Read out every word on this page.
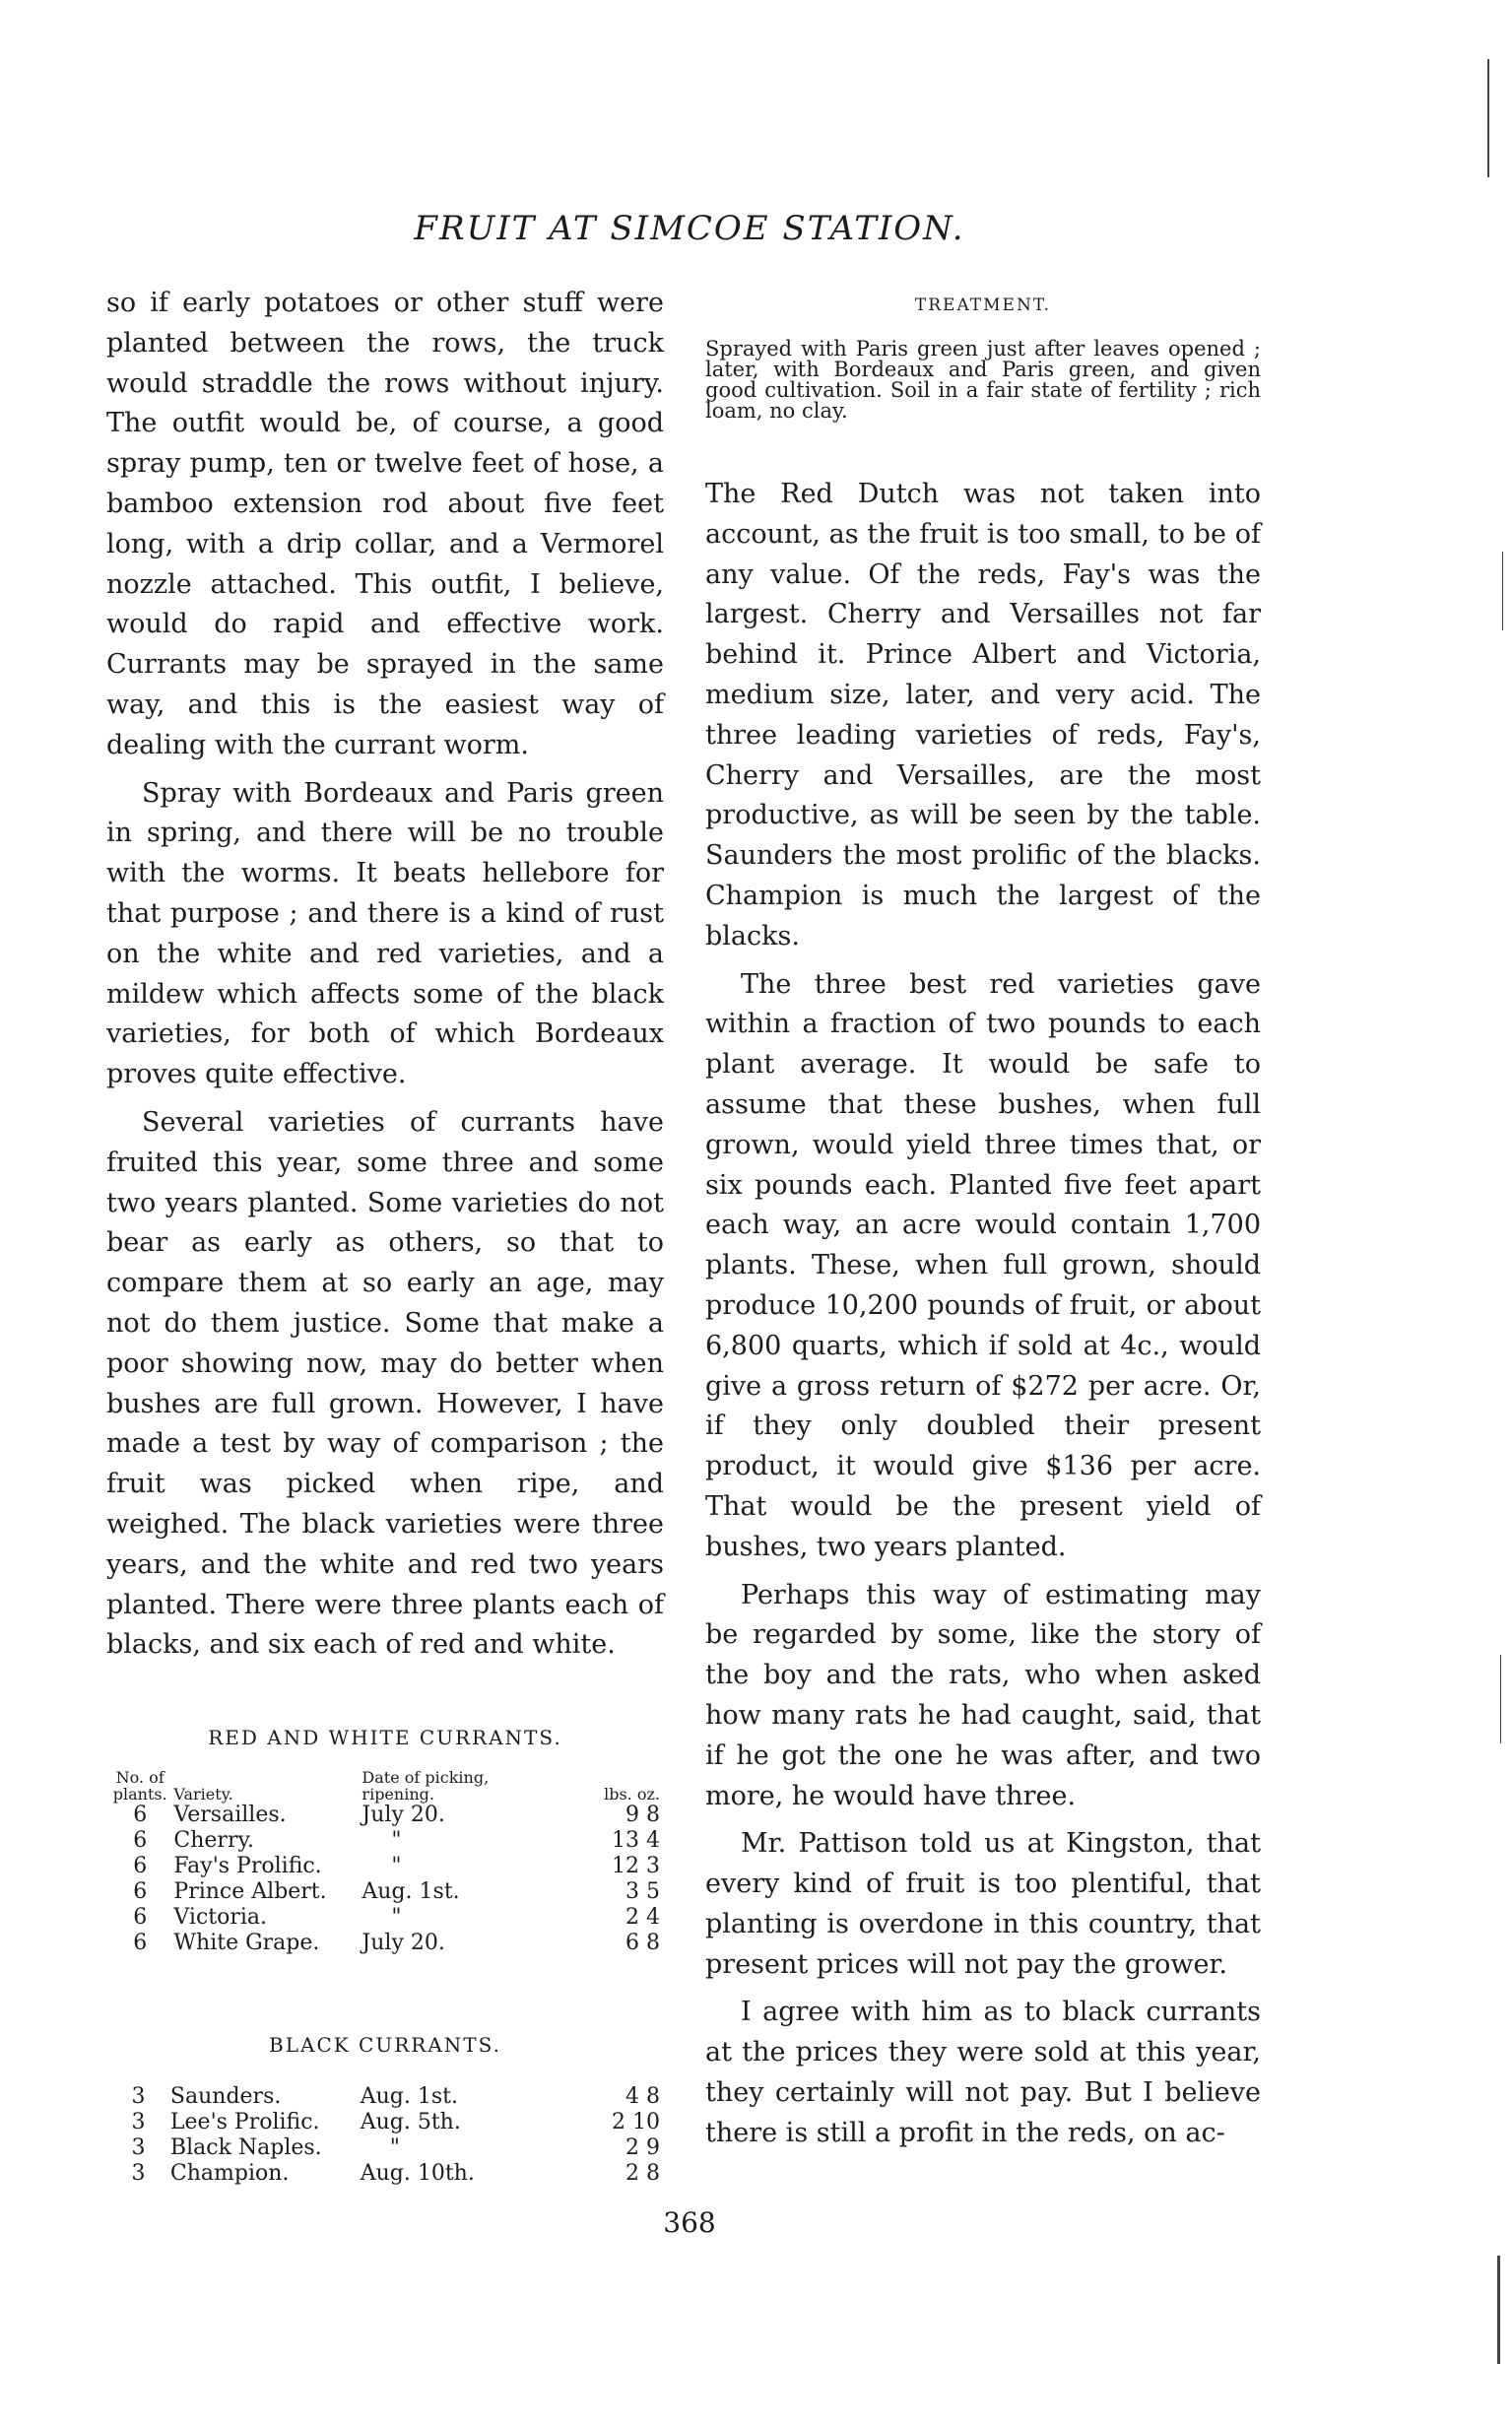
FRUIT AT SIMCOE STATION.

so if early potatoes or other stuff were planted between the rows, the truck would straddle the rows without injury. The outfit would be, of course, a good spray pump, ten or twelve feet of hose, a bamboo extension rod about five feet long, with a drip collar, and a Vermorel nozzle attached. This outfit, I believe, would do rapid and effective work. Currants may be sprayed in the same way, and this is the easiest way of dealing with the currant worm.

Spray with Bordeaux and Paris green in spring, and there will be no trouble with the worms. It beats hellebore for that purpose ; and there is a kind of rust on the white and red varieties, and a mildew which affects some of the black varieties, for both of which Bordeaux proves quite effective.

Several varieties of currants have fruited this year, some three and some two years planted. Some varieties do not bear as early as others, so that to compare them at so early an age, may not do them justice. Some that make a poor showing now, may do better when bushes are full grown. However, I have made a test by way of comparison ; the fruit was picked when ripe, and weighed. The black varieties were three years, and the white and red two years planted. There were three plants each of blacks, and six each of red and white.

RED AND WHITE CURRANTS.
No. of plants.	Variety.	Date of picking, ripening.	lbs. oz.
6	Versailles.	July 20.	9 8
6	Cherry.	"	13 4
6	Fay's Prolific.	"	12 3
6	Prince Albert.	Aug. 1st.	3 5
6	Victoria.	"	2 4
6	White Grape.	July 20.	6 8
BLACK CURRANTS.
3	Saunders.	Aug. 1st.	4 8
3	Lee's Prolific.	Aug. 5th.	2 10
3	Black Naples.	"	2 9
3	Champion.	Aug. 10th.	2 8
TREATMENT.
Sprayed with Paris green just after leaves opened ; later, with Bordeaux and Paris green, and given good cultivation. Soil in a fair state of fertility ; rich loam, no clay.

The Red Dutch was not taken into account, as the fruit is too small, to be of any value. Of the reds, Fay's was the largest. Cherry and Versailles not far behind it. Prince Albert and Victoria, medium size, later, and very acid. The three leading varieties of reds, Fay's, Cherry and Versailles, are the most productive, as will be seen by the table. Saunders the most prolific of the blacks. Champion is much the largest of the blacks.

The three best red varieties gave within a fraction of two pounds to each plant average. It would be safe to assume that these bushes, when full grown, would yield three times that, or six pounds each. Planted five feet apart each way, an acre would contain 1,700 plants. These, when full grown, should produce 10,200 pounds of fruit, or about 6,800 quarts, which if sold at 4c., would give a gross return of $272 per acre. Or, if they only doubled their present product, it would give $136 per acre. That would be the present yield of bushes, two years planted.

Perhaps this way of estimating may be regarded by some, like the story of the boy and the rats, who when asked how many rats he had caught, said, that if he got the one he was after, and two more, he would have three.

Mr. Pattison told us at Kingston, that every kind of fruit is too plentiful, that planting is overdone in this country, that present prices will not pay the grower.

I agree with him as to black currants at the prices they were sold at this year, they certainly will not pay. But I believe there is still a profit in the reds, on ac-

368
